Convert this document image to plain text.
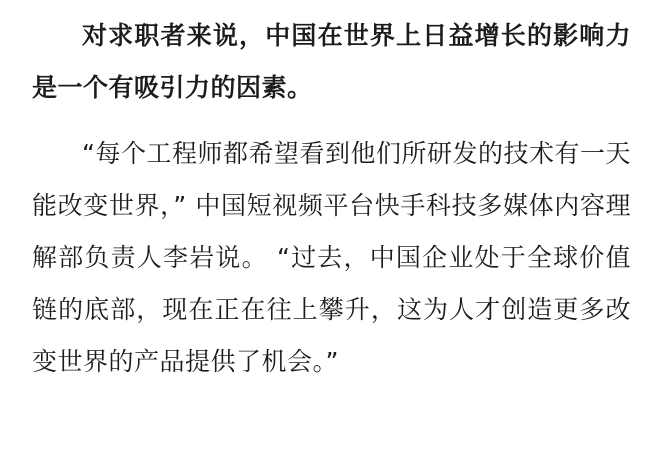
对求职者来说，中国在世界上日益增长的影响力是一个有吸引力的因素。

“每个工程师都希望看到他们所研发的技术有一天能改变世界，” 中国短视频平台快手科技多媒体内容理解部负责人李岩说。 “过去，中国企业处于全球价值链的底部，现在正在往上攀升，这为人才创造更多改变世界的产品提供了机会。”
